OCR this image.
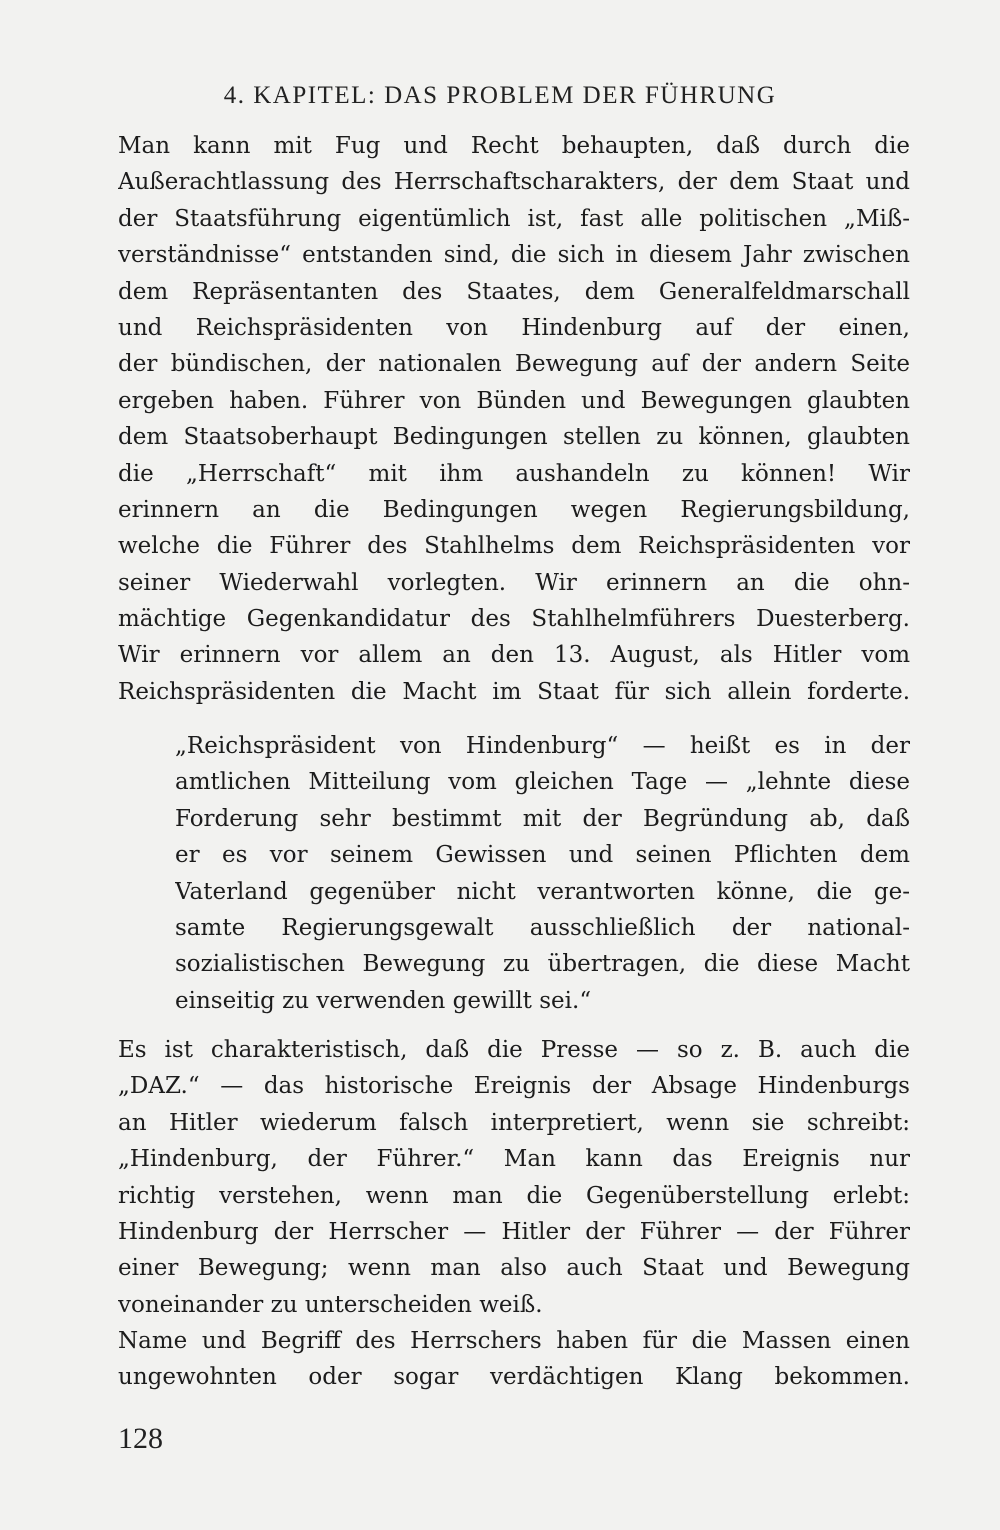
4. KAPITEL: DAS PROBLEM DER FÜHRUNG
Man kann mit Fug und Recht behaupten, daß durch die
Außerachtlassung des Herrschaftscharakters, der dem Staat und
der Staatsführung eigentümlich ist, fast alle politischen „Miß-
verständnisse“ entstanden sind, die sich in diesem Jahr zwischen
dem Repräsentanten des Staates, dem Generalfeldmarschall
und Reichspräsidenten von Hindenburg auf der einen,
der bündischen, der nationalen Bewegung auf der andern Seite
ergeben haben. Führer von Bünden und Bewegungen glaubten
dem Staatsoberhaupt Bedingungen stellen zu können, glaubten
die „Herrschaft“ mit ihm aushandeln zu können! Wir
erinnern an die Bedingungen wegen Regierungsbildung,
welche die Führer des Stahlhelms dem Reichspräsidenten vor
seiner Wiederwahl vorlegten. Wir erinnern an die ohn-
mächtige Gegenkandidatur des Stahlhelmführers Duesterberg.
Wir erinnern vor allem an den 13. August, als Hitler vom
Reichspräsidenten die Macht im Staat für sich allein forderte.
„Reichspräsident von Hindenburg“ — heißt es in der
amtlichen Mitteilung vom gleichen Tage — „lehnte diese
Forderung sehr bestimmt mit der Begründung ab, daß
er es vor seinem Gewissen und seinen Pflichten dem
Vaterland gegenüber nicht verantworten könne, die ge-
samte Regierungsgewalt ausschließlich der national-
sozialistischen Bewegung zu übertragen, die diese Macht
einseitig zu verwenden gewillt sei.“
Es ist charakteristisch, daß die Presse — so z. B. auch die
„DAZ.“ — das historische Ereignis der Absage Hindenburgs
an Hitler wiederum falsch interpretiert, wenn sie schreibt:
„Hindenburg, der Führer.“ Man kann das Ereignis nur
richtig verstehen, wenn man die Gegenüberstellung erlebt:
Hindenburg der Herrscher — Hitler der Führer — der Führer
einer Bewegung; wenn man also auch Staat und Bewegung
voneinander zu unterscheiden weiß.
Name und Begriff des Herrschers haben für die Massen einen
ungewohnten oder sogar verdächtigen Klang bekommen.
128
